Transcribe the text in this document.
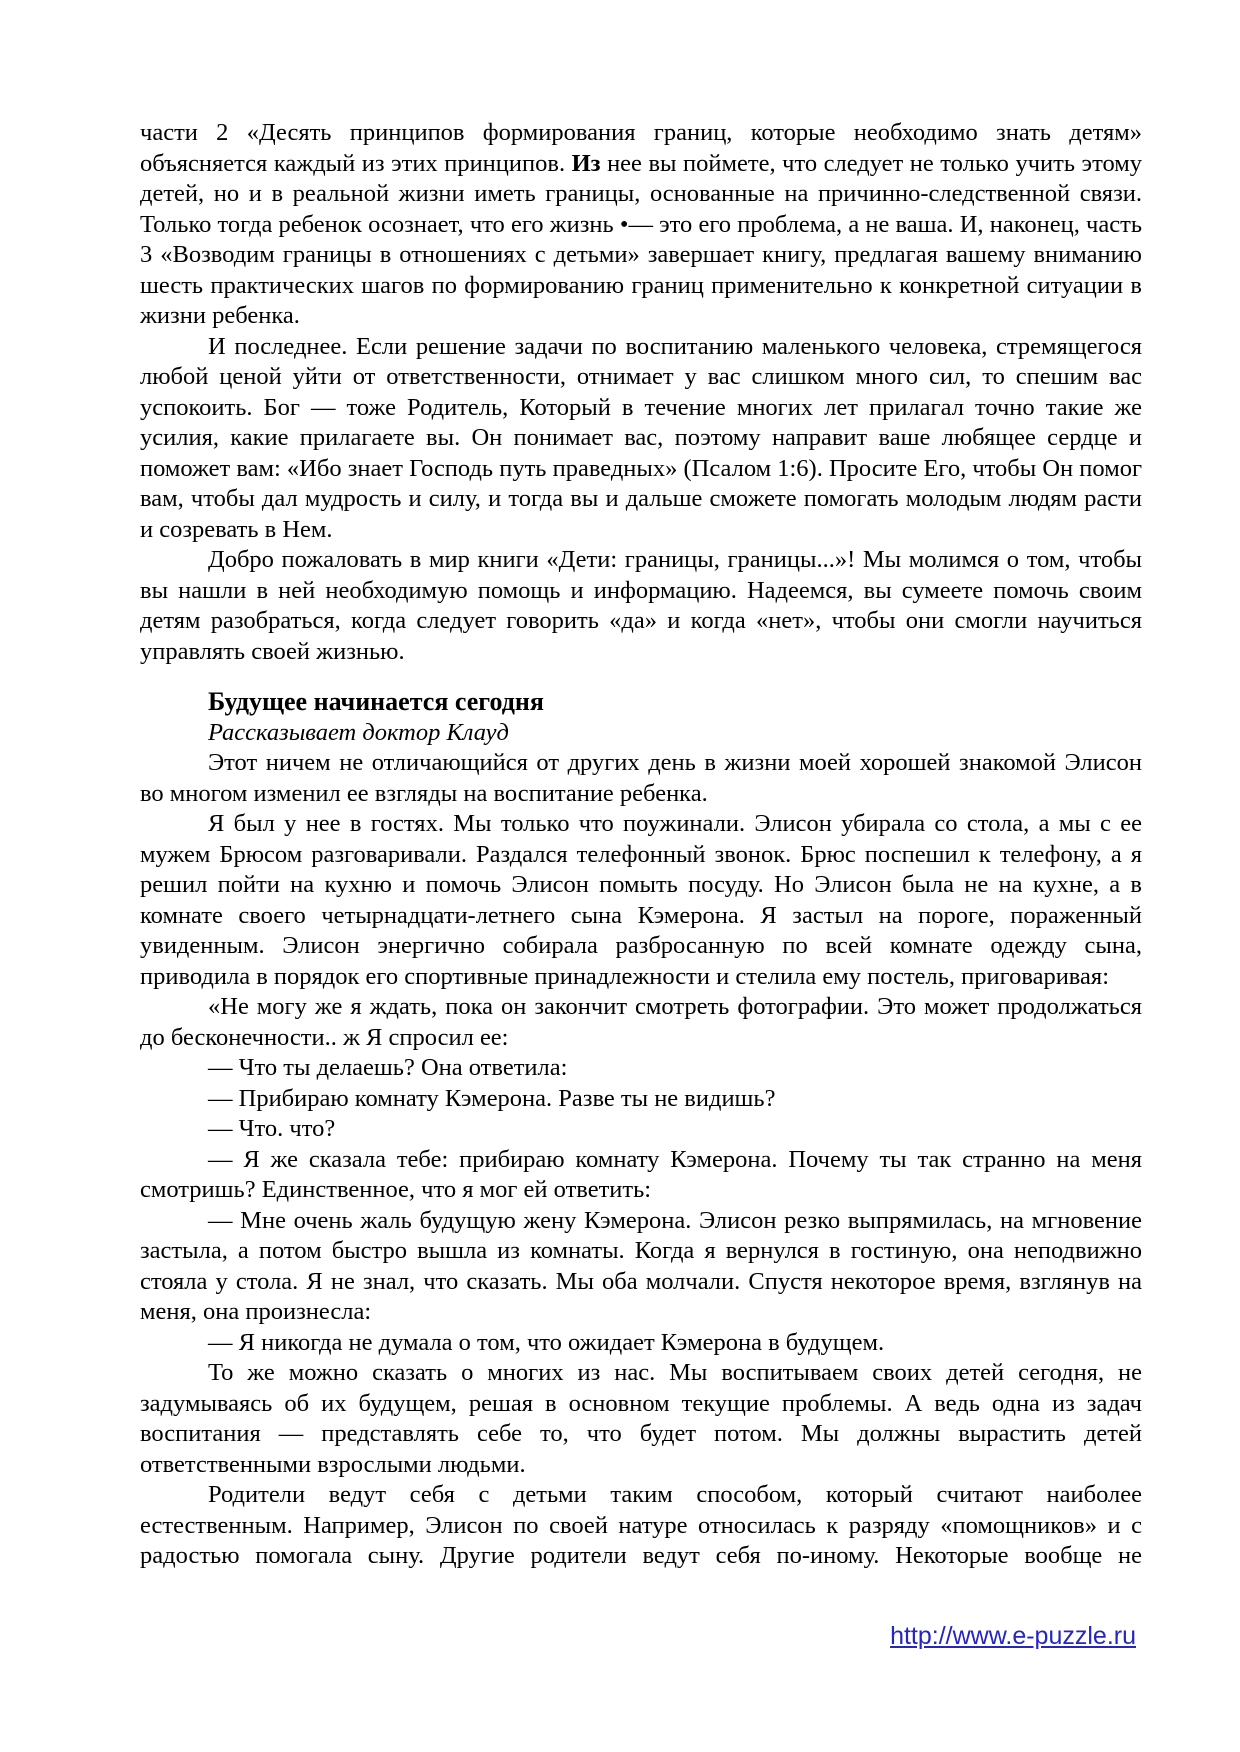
части 2 «Десять принципов формирования границ, которые необходимо знать детям» объясняется каждый из этих принципов. Из нее вы поймете, что следует не только учить этому детей, но и в реальной жизни иметь границы, основанные на причинно-следственной связи. Только тогда ребенок осознает, что его жизнь •— это его проблема, а не ваша. И, наконец, часть 3 «Возводим границы в отношениях с детьми» завершает книгу, предлагая вашему вниманию шесть практических шагов по формированию границ применительно к конкретной ситуации в жизни ребенка.

И последнее. Если решение задачи по воспитанию маленького человека, стремящегося любой ценой уйти от ответственности, отнимает у вас слишком много сил, то спешим вас успокоить. Бог — тоже Родитель, Который в течение многих лет прилагал точно такие же усилия, какие прилагаете вы. Он понимает вас, поэтому направит ваше любящее сердце и поможет вам: «Ибо знает Господь путь праведных» (Псалом 1:6). Просите Его, чтобы Он помог вам, чтобы дал мудрость и силу, и тогда вы и дальше сможете помогать молодым людям расти и созревать в Нем.

Добро пожаловать в мир книги «Дети: границы, границы...»! Мы молимся о том, чтобы вы нашли в ней необходимую помощь и информацию. Надеемся, вы сумеете помочь своим детям разобраться, когда следует говорить «да» и когда «нет», чтобы они смогли научиться управлять своей жизнью.

Будущее начинается сегодня

Рассказывает доктор Клауд

Этот ничем не отличающийся от других день в жизни моей хорошей знакомой Элисон во многом изменил ее взгляды на воспитание ребенка.

Я был у нее в гостях. Мы только что поужинали. Элисон убирала со стола, а мы с ее мужем Брюсом разговаривали. Раздался телефонный звонок. Брюс поспешил к телефону, а я решил пойти на кухню и помочь Элисон помыть посуду. Но Элисон была не на кухне, а в комнате своего четырнадцати-летнего сына Кэмерона. Я застыл на пороге, пораженный увиденным. Элисон энергично собирала разбросанную по всей комнате одежду сына, приводила в порядок его спортивные принадлежности и стелила ему постель, приговаривая:

«Не могу же я ждать, пока он закончит смотреть фотографии. Это может продолжаться до бесконечности.. ж Я спросил ее:

— Что ты делаешь? Она ответила:

— Прибираю комнату Кэмерона. Разве ты не видишь?

— Что. что?

— Я же сказала тебе: прибираю комнату Кэмерона. Почему ты так странно на меня смотришь? Единственное, что я мог ей ответить:

— Мне очень жаль будущую жену Кэмерона. Элисон резко выпрямилась, на мгновение застыла, а потом быстро вышла из комнаты. Когда я вернулся в гостиную, она неподвижно стояла у стола. Я не знал, что сказать. Мы оба молчали. Спустя некоторое время, взглянув на меня, она произнесла:

— Я никогда не думала о том, что ожидает Кэмерона в будущем.

То же можно сказать о многих из нас. Мы воспитываем своих детей сегодня, не задумываясь об их будущем, решая в основном текущие проблемы. А ведь одна из задач воспитания — представлять себе то, что будет потом. Мы должны вырастить детей ответственными взрослыми людьми.

Родители ведут себя с детьми таким способом, который считают наиболее естественным. Например, Элисон по своей натуре относилась к разряду «помощников» и с радостью помогала сыну. Другие родители ведут себя по-иному. Некоторые вообще не

http://www.e-puzzle.ru
